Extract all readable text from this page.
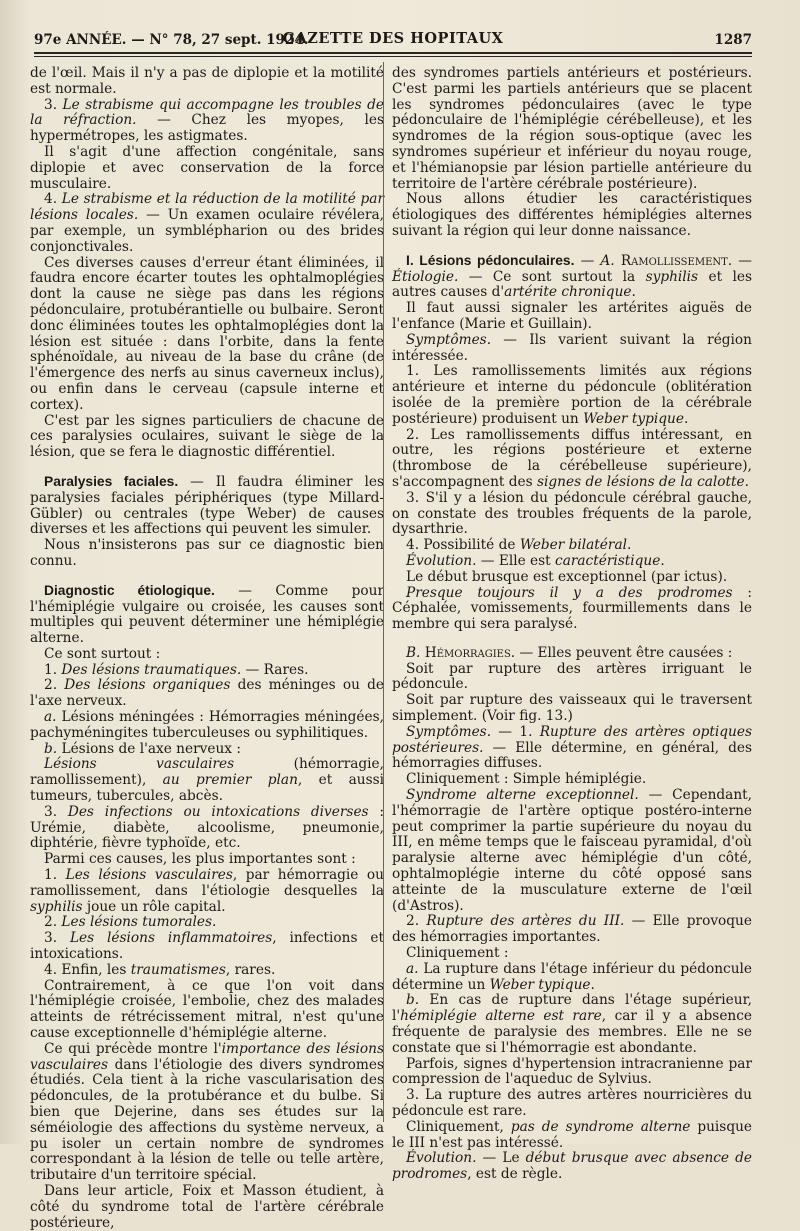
97e ANNÉE. — N° 78, 27 sept. 1924.
GAZETTE DES HOPITAUX	1287

de l'œil. Mais il n'y a pas de diplopie et la motilité est normale.

3. Le strabisme qui accompagne les troubles de la réfraction. — Chez les myopes, les hypermétropes, les astigmates.

Il s'agit d'une affection congénitale, sans diplopie et avec conservation de la force musculaire.

4. Le strabisme et la réduction de la motilité par lésions locales. — Un examen oculaire révélera, par exemple, un symblépharion ou des brides conjonctivales.

Ces diverses causes d'erreur étant éliminées, il faudra encore écarter toutes les ophtalmoplégies dont la cause ne siège pas dans les régions pédonculaire, protubérantielle ou bulbaire. Seront donc éliminées toutes les ophtalmoplégies dont la lésion est située : dans l'orbite, dans la fente sphénoïdale, au niveau de la base du crâne (de l'émergence des nerfs au sinus caverneux inclus), ou enfin dans le cerveau (capsule interne et cortex).

C'est par les signes particuliers de chacune de ces paralysies oculaires, suivant le siège de la lésion, que se fera le diagnostic différentiel.

Paralysies faciales. — Il faudra éliminer les paralysies faciales périphériques (type Millard-Gübler) ou centrales (type Weber) de causes diverses et les affections qui peuvent les simuler.

Nous n'insisterons pas sur ce diagnostic bien connu.

Diagnostic étiologique. — Comme pour l'hémiplégie vulgaire ou croisée, les causes sont multiples qui peuvent déterminer une hémiplégie alterne.

Ce sont surtout :

1. Des lésions traumatiques. — Rares.

2. Des lésions organiques des méninges ou de l'axe nerveux.

a. Lésions méningées : Hémorragies méningées, pachyméningites tuberculeuses ou syphilitiques.

b. Lésions de l'axe nerveux :

Lésions vasculaires (hémorragie, ramollissement), au premier plan, et aussi tumeurs, tubercules, abcès.

3. Des infections ou intoxications diverses : Urémie, diabète, alcoolisme, pneumonie, diphtérie, fièvre typhoïde, etc.

Parmi ces causes, les plus importantes sont :

1. Les lésions vasculaires, par hémorragie ou ramollissement, dans l'étiologie desquelles la syphilis joue un rôle capital.

2. Les lésions tumorales.

3. Les lésions inflammatoires, infections et intoxications.

4. Enfin, les traumatismes, rares.

Contrairement, à ce que l'on voit dans l'hémiplégie croisée, l'embolie, chez des malades atteints de rétrécissement mitral, n'est qu'une cause exceptionnelle d'hémiplégie alterne.

Ce qui précède montre l'importance des lésions vasculaires dans l'étiologie des divers syndromes étudiés. Cela tient à la riche vascularisation des pédoncules, de la protubérance et du bulbe. Si bien que Dejerine, dans ses études sur la séméiologie des affections du système nerveux, a pu isoler un certain nombre de syndromes correspondant à la lésion de telle ou telle artère, tributaire d'un territoire spécial.

Dans leur article, Foix et Masson étudient, à côté du syndrome total de l'artère cérébrale postérieure,

des syndromes partiels antérieurs et postérieurs. C'est parmi les partiels antérieurs que se placent les syndromes pédonculaires (avec le type pédonculaire de l'hémiplégie cérébelleuse), et les syndromes de la région sous-optique (avec les syndromes supérieur et inférieur du noyau rouge, et l'hémianopsie par lésion partielle antérieure du territoire de l'artère cérébrale postérieure).

Nous allons étudier les caractéristiques étiologiques des différentes hémiplégies alternes suivant la région qui leur donne naissance.

I. Lésions pédonculaires. — A. Ramollissement. — Étiologie. — Ce sont surtout la syphilis et les autres causes d'artérite chronique.

Il faut aussi signaler les artérites aiguës de l'enfance (Marie et Guillain).

Symptômes. — Ils varient suivant la région intéressée.

1. Les ramollissements limités aux régions antérieure et interne du pédoncule (oblitération isolée de la première portion de la cérébrale postérieure) produisent un Weber typique.

2. Les ramollissements diffus intéressant, en outre, les régions postérieure et externe (thrombose de la cérébelleuse supérieure), s'accompagnent des signes de lésions de la calotte.

3. S'il y a lésion du pédoncule cérébral gauche, on constate des troubles fréquents de la parole, dysarthrie.

4. Possibilité de Weber bilatéral.

Évolution. — Elle est caractéristique.

Le début brusque est exceptionnel (par ictus).

Presque toujours il y a des prodromes : Céphalée, vomissements, fourmillements dans le membre qui sera paralysé.

B. Hémorragies. — Elles peuvent être causées :

Soit par rupture des artères irriguant le pédoncule.

Soit par rupture des vaisseaux qui le traversent simplement. (Voir fig. 13.)

Symptômes. — 1. Rupture des artères optiques postérieures. — Elle détermine, en général, des hémorragies diffuses.

Cliniquement : Simple hémiplégie.

Syndrome alterne exceptionnel. — Cependant, l'hémorragie de l'artère optique postéro-interne peut comprimer la partie supérieure du noyau du III, en même temps que le faisceau pyramidal, d'où paralysie alterne avec hémiplégie d'un côté, ophtalmoplégie interne du côté opposé sans atteinte de la musculature externe de l'œil (d'Astros).

2. Rupture des artères du III. — Elle provoque des hémorragies importantes.

Cliniquement :

a. La rupture dans l'étage inférieur du pédoncule détermine un Weber typique.

b. En cas de rupture dans l'étage supérieur, l'hémiplégie alterne est rare, car il y a absence fréquente de paralysie des membres. Elle ne se constate que si l'hémorragie est abondante.

Parfois, signes d'hypertension intracranienne par compression de l'aqueduc de Sylvius.

3. La rupture des autres artères nourricières du pédoncule est rare.

Cliniquement, pas de syndrome alterne puisque le III n'est pas intéressé.

Évolution. — Le début brusque avec absence de prodromes, est de règle.
